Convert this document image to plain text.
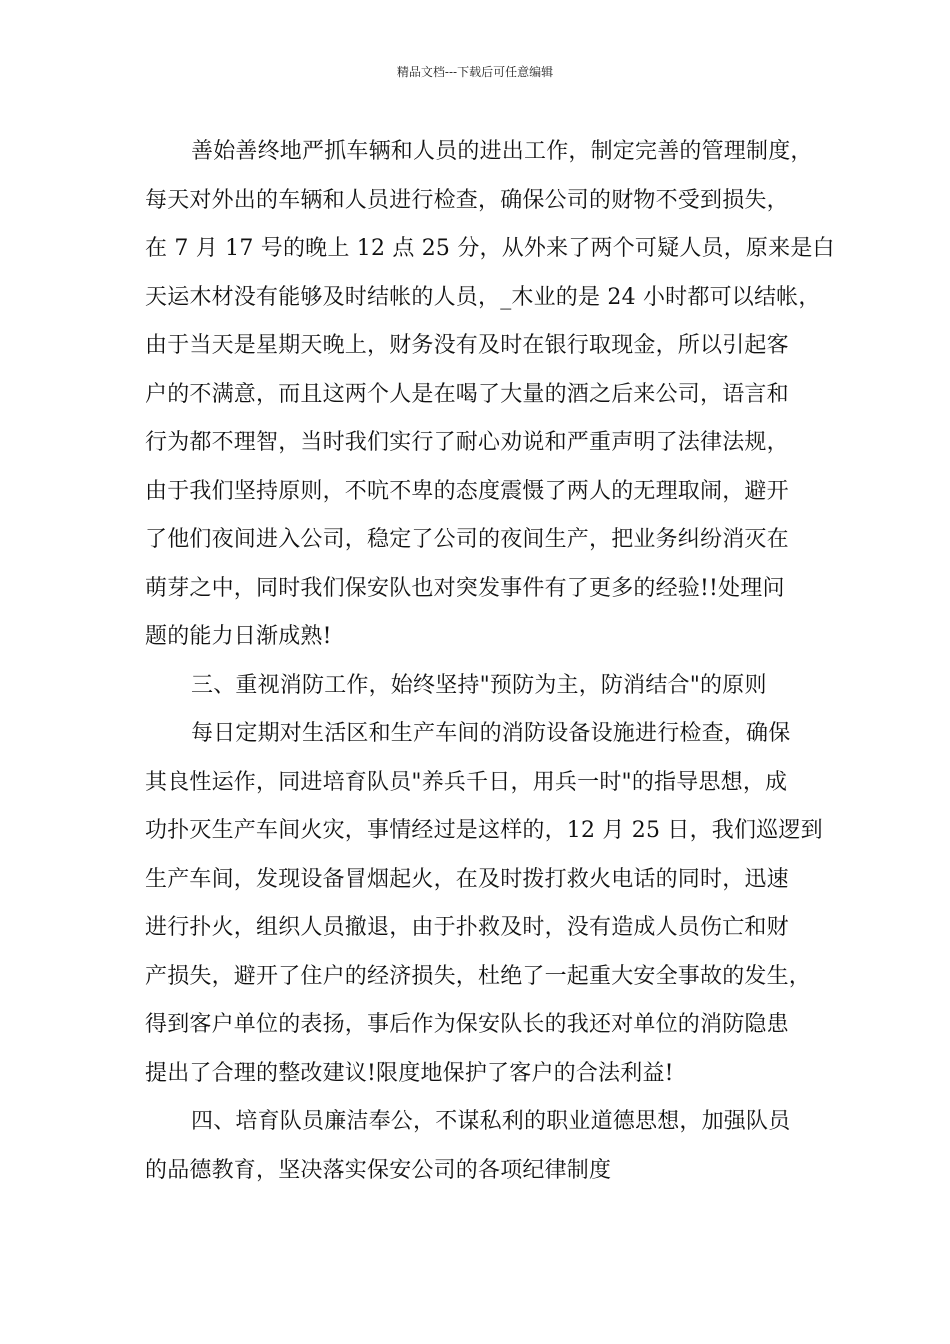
精品文档---下载后可任意编辑
善始善终地严抓车辆和人员的进出工作，制定完善的管理制度，
每天对外出的车辆和人员进行检查，确保公司的财物不受到损失，
在 7 月 17 号的晚上 12 点 25 分，从外来了两个可疑人员，原来是白
天运木材没有能够及时结帐的人员，_木业的是 24 小时都可以结帐，
由于当天是星期天晚上，财务没有及时在银行取现金，所以引起客
户的不满意，而且这两个人是在喝了大量的酒之后来公司，语言和
行为都不理智，当时我们实行了耐心劝说和严重声明了法律法规，
由于我们坚持原则，不吭不卑的态度震慑了两人的无理取闹，避开
了他们夜间进入公司，稳定了公司的夜间生产，把业务纠纷消灭在
萌芽之中，同时我们保安队也对突发事件有了更多的经验!!处理问
题的能力日渐成熟!
三、重视消防工作，始终坚持"预防为主，防消结合"的原则
每日定期对生活区和生产车间的消防设备设施进行检查，确保
其良性运作，同进培育队员"养兵千日，用兵一时"的指导思想，成
功扑灭生产车间火灾，事情经过是这样的，12 月 25 日，我们巡逻到
生产车间，发现设备冒烟起火，在及时拨打救火电话的同时，迅速
进行扑火，组织人员撤退，由于扑救及时，没有造成人员伤亡和财
产损失，避开了住户的经济损失，杜绝了一起重大安全事故的发生，
得到客户单位的表扬，事后作为保安队长的我还对单位的消防隐患
提出了合理的整改建议!限度地保护了客户的合法利益!
四、培育队员廉洁奉公，不谋私利的职业道德思想，加强队员
的品德教育，坚决落实保安公司的各项纪律制度
